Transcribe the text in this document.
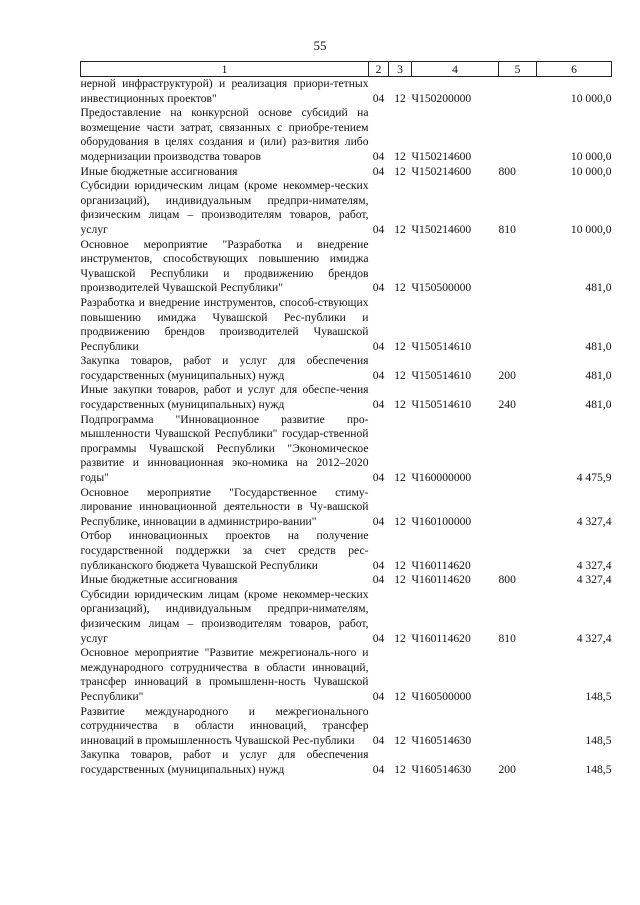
55
1	2	3	4	5	6
нерной инфраструктурой) и реализация приори-тетных инвестиционных проектов"	04	12	Ч150200000		10 000,0
Предоставление на конкурсной основе субсидий на возмещение части затрат, связанных с приобре-тением оборудования в целях создания и (или) раз-вития либо модернизации производства товаров	04	12	Ч150214600		10 000,0
Иные бюджетные ассигнования	04	12	Ч150214600	800	10 000,0
Субсидии юридическим лицам (кроме некоммер-ческих организаций), индивидуальным предпри-нимателям, физическим лицам – производителям товаров, работ, услуг	04	12	Ч150214600	810	10 000,0
Основное мероприятие "Разработка и внедрение инструментов, способствующих повышению имиджа Чувашской Республики и продвижению брендов производителей Чувашской Республики"	04	12	Ч150500000		481,0
Разработка и внедрение инструментов, способ-ствующих повышению имиджа Чувашской Рес-публики и продвижению брендов производителей Чувашской Республики	04	12	Ч150514610		481,0
Закупка товаров, работ и услуг для обеспечения государственных (муниципальных) нужд	04	12	Ч150514610	200	481,0
Иные закупки товаров, работ и услуг для обеспе-чения государственных (муниципальных) нужд	04	12	Ч150514610	240	481,0
Подпрограмма "Инновационное развитие про-мышленности Чувашской Республики" государ-ственной программы Чувашской Республики "Экономическое развитие и инновационная эко-номика на 2012–2020 годы"	04	12	Ч160000000		4 475,9
Основное мероприятие "Государственное стиму-лирование инновационной деятельности в Чу-вашской Республике, инновации в администриро-вании"	04	12	Ч160100000		4 327,4
Отбор инновационных проектов на получение государственной поддержки за счет средств рес-публиканского бюджета Чувашской Республики	04	12	Ч160114620		4 327,4
Иные бюджетные ассигнования	04	12	Ч160114620	800	4 327,4
Субсидии юридическим лицам (кроме некоммер-ческих организаций), индивидуальным предпри-нимателям, физическим лицам – производителям товаров, работ, услуг	04	12	Ч160114620	810	4 327,4
Основное мероприятие "Развитие межрегиональ-ного и международного сотрудничества в области инноваций, трансфер инноваций в промышленн-ность Чувашской Республики"	04	12	Ч160500000		148,5
Развитие международного и межрегионального сотрудничества в области инноваций, трансфер инноваций в промышленность Чувашской Рес-публики	04	12	Ч160514630		148,5
Закупка товаров, работ и услуг для обеспечения государственных (муниципальных) нужд	04	12	Ч160514630	200	148,5
